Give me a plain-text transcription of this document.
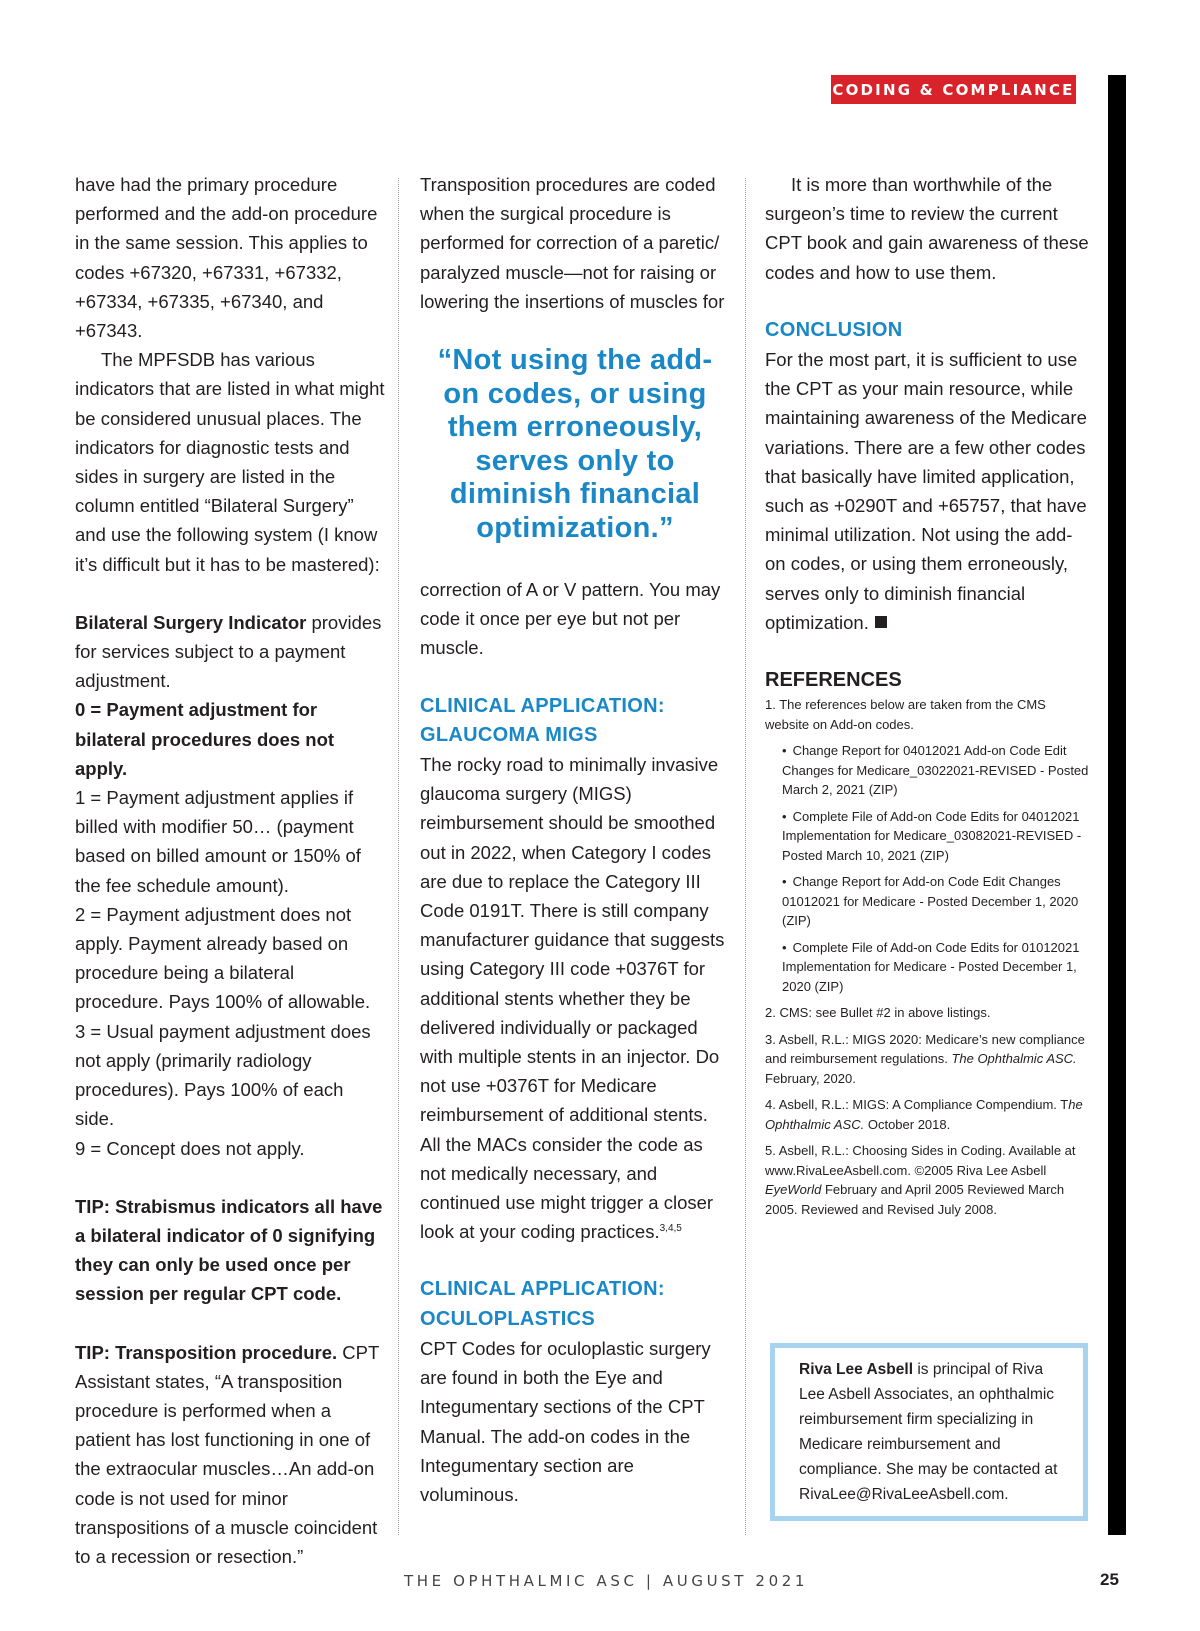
CODING & COMPLIANCE

have had the primary procedure performed and the add-on procedure in the same session. This applies to codes +67320, +67331, +67332, +67334, +67335, +67340, and +67343.

The MPFSDB has various indicators that are listed in what might be considered unusual places. The indicators for diagnostic tests and sides in surgery are listed in the column entitled “Bilateral Surgery” and use the following system (I know it’s difficult but it has to be mastered):

Bilateral Surgery Indicator provides for services subject to a payment adjustment.

0 = Payment adjustment for bilateral procedures does not apply.

1 = Payment adjustment applies if billed with modifier 50… (payment based on billed amount or 150% of the fee schedule amount).

2 = Payment adjustment does not apply. Payment already based on procedure being a bilateral procedure. Pays 100% of allowable.

3 = Usual payment adjustment does not apply (primarily radiology procedures). Pays 100% of each side.

9 = Concept does not apply.

TIP: Strabismus indicators all have a bilateral indicator of 0 signifying they can only be used once per session per regular CPT code.

TIP: Transposition procedure. CPT Assistant states, “A transposition procedure is performed when a patient has lost functioning in one of the extraocular muscles…An add-on code is not used for minor transpositions of a muscle coincident to a recession or resection.”

Transposition procedures are coded when the surgical procedure is performed for correction of a paretic/ paralyzed muscle—not for raising or lowering the insertions of muscles for

“Not using the add-on codes, or using them erroneously, serves only to diminish financial optimization.”

correction of A or V pattern. You may code it once per eye but not per muscle.

CLINICAL APPLICATION: GLAUCOMA MIGS

The rocky road to minimally invasive glaucoma surgery (MIGS) reimbursement should be smoothed out in 2022, when Category I codes are due to replace the Category III Code 0191T. There is still company manufacturer guidance that suggests using Category III code +0376T for additional stents whether they be delivered individually or packaged with multiple stents in an injector. Do not use +0376T for Medicare reimbursement of additional stents. All the MACs consider the code as not medically necessary, and continued use might trigger a closer look at your coding practices.$^{3,4,5}$

CLINICAL APPLICATION: OCULOPLASTICS

CPT Codes for oculoplastic surgery are found in both the Eye and Integumentary sections of the CPT Manual. The add-on codes in the Integumentary section are voluminous.

It is more than worthwhile of the surgeon’s time to review the current CPT book and gain awareness of these codes and how to use them.

CONCLUSION

For the most part, it is sufficient to use the CPT as your main resource, while maintaining awareness of the Medicare variations. There are a few other codes that basically have limited application, such as +0290T and +65757, that have minimal utilization. Not using the add-on codes, or using them erroneously, serves only to diminish financial optimization.

REFERENCES
1. The references below are taken from the CMS website on Add-on codes.
• Change Report for 04012021 Add-on Code Edit Changes for Medicare_03022021-REVISED - Posted March 2, 2021 (ZIP)
• Complete File of Add-on Code Edits for 04012021 Implementation for Medicare_03082021-REVISED - Posted March 10, 2021 (ZIP)
• Change Report for Add-on Code Edit Changes 01012021 for Medicare - Posted December 1, 2020 (ZIP)
• Complete File of Add-on Code Edits for 01012021 Implementation for Medicare - Posted December 1, 2020 (ZIP)
2. CMS: see Bullet #2 in above listings.
3. Asbell, R.L.: MIGS 2020: Medicare’s new compliance and reimbursement regulations. The Ophthalmic ASC. February, 2020.
4. Asbell, R.L.: MIGS: A Compliance Compendium. The Ophthalmic ASC. October 2018.
5. Asbell, R.L.: Choosing Sides in Coding. Available at www.RivaLeeAsbell.com. ©2005 Riva Lee Asbell EyeWorld February and April 2005 Reviewed March 2005. Reviewed and Revised July 2008.
Riva Lee Asbell is principal of Riva Lee Asbell Associates, an ophthalmic reimbursement firm specializing in Medicare reimbursement and compliance. She may be contacted at RivaLee@RivaLeeAsbell.com.
THE OPHTHALMIC ASC | AUGUST 2021	25
